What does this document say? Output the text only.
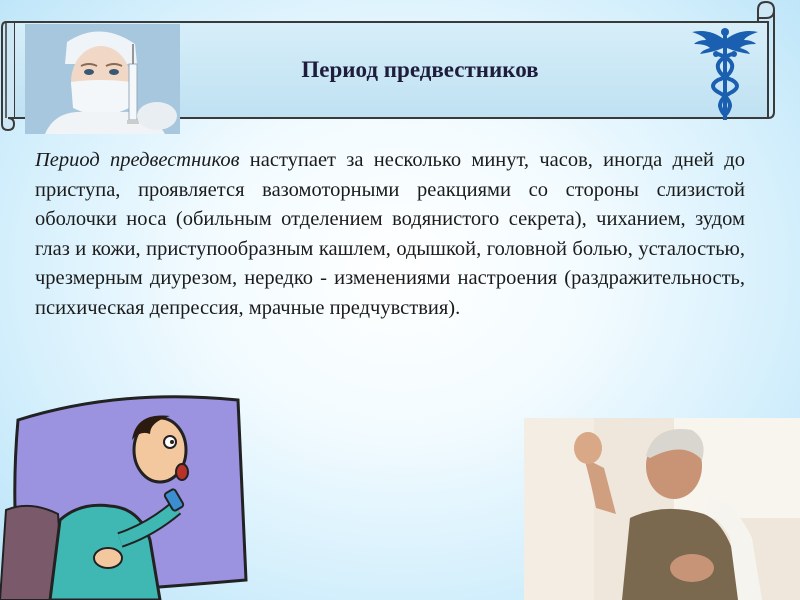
Период предвестников

Период предвестников наступает за несколько минут, часов, иногда дней до приступа, проявляется вазомоторными реакциями со стороны слизистой оболочки носа (обильным отделением водянистого секрета), чиханием, зудом глаз и кожи, приступообразным кашлем, одышкой, головной болью, усталостью, чрезмерным диурезом, нередко - изменениями настроения (раздражительность, психическая депрессия, мрачные предчувствия).
